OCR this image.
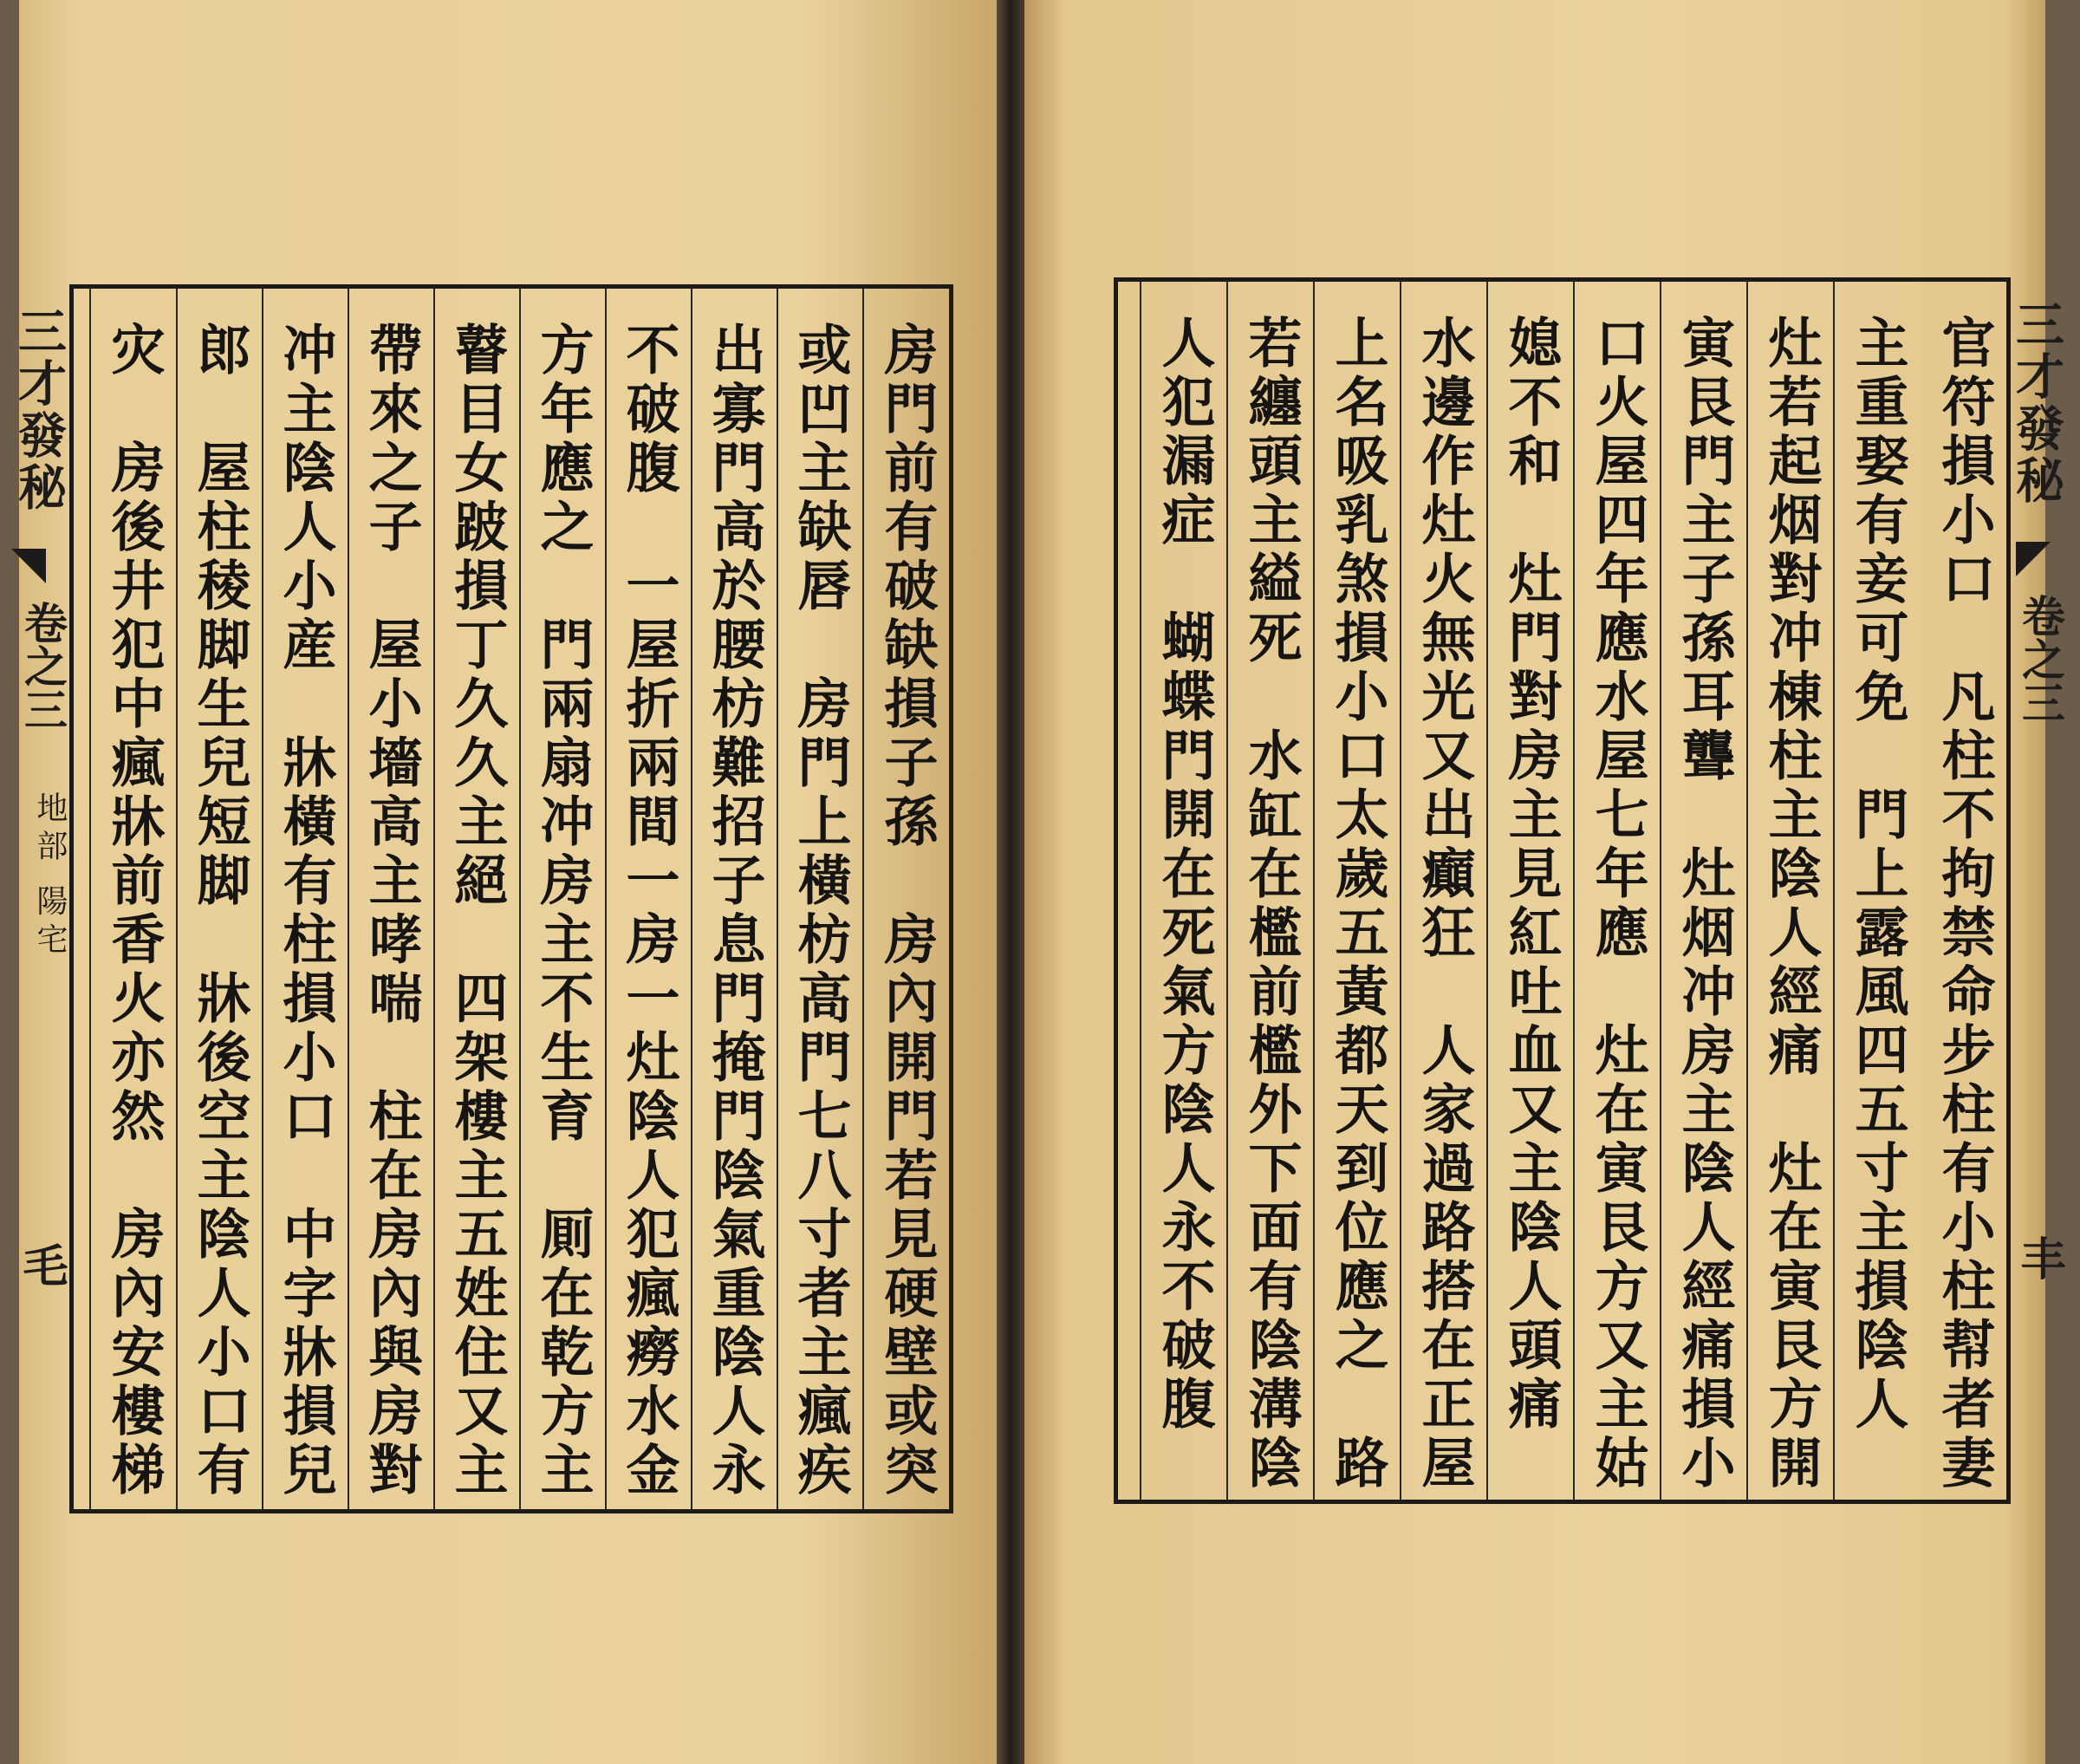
三才發秘
卷之三
地部 陽宅
毛	房門前有破缺損子孫　房內開門若見硬壁或突
或凹主缺唇　房門上橫枋高門七八寸者主瘋疾
出寡門高於腰枋難招子息門掩門陰氣重陰人永
不破腹　一屋折兩間一房一灶陰人犯瘋癆水金
方年應之　門兩扇冲房主不生育　厠在乾方主
瞽目女跛損丁久久主絕　四架樓主五姓住又主
帶來之子　屋小墻高主哮喘　柱在房內與房對
冲主陰人小産　牀橫有柱損小口　中字牀損兒
郎　屋柱稜脚生兒短脚　牀後空主陰人小口有
灾　房後井犯中瘋牀前香火亦然　房內安樓梯	三才發秘
卷之三
丰
官符損小口　凡柱不拘禁命步柱有小柱幇者妻
主重娶有妾可免　門上露風四五寸主損陰人
灶若起烟對冲棟柱主陰人經痛　灶在寅艮方開
寅艮門主子孫耳聾　灶烟冲房主陰人經痛損小
口火屋四年應水屋七年應　灶在寅艮方又主姑
媳不和　灶門對房主見紅吐血又主陰人頭痛
水邊作灶火無光又出癲狂　人家過路搭在正屋
上名吸乳煞損小口太歲五黃都天到位應之　路
若纏頭主縊死　水缸在檻前檻外下面有陰溝陰
人犯漏症　蝴蝶門開在死氣方陰人永不破腹
